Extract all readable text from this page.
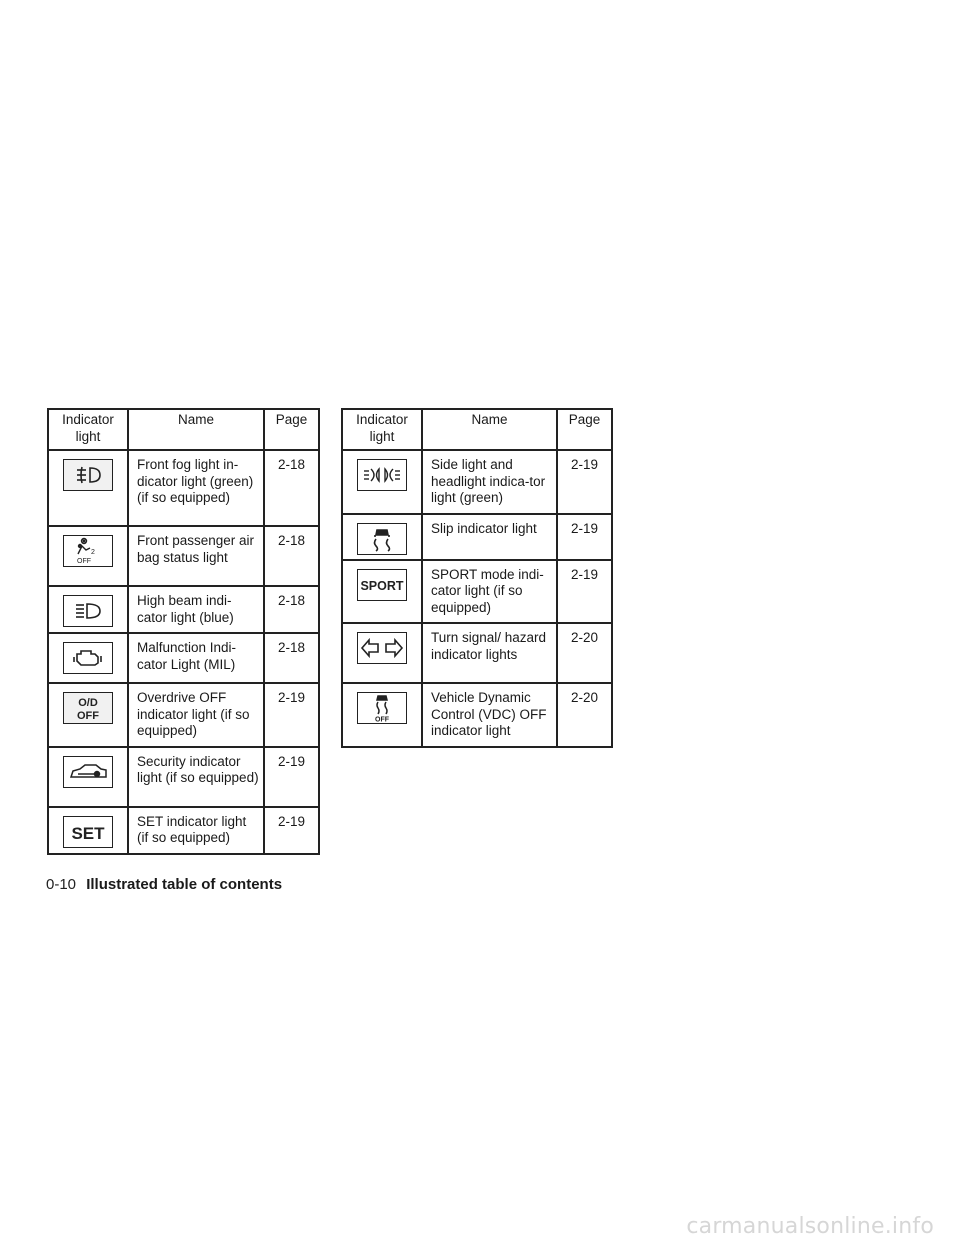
Indicator light	Name	Page

	Front fog light in-dicator light (green) (if so equipped)	2-18

2
OFF	Front passenger air bag status light	2-18

	High beam indi-cator light (blue)	2-18

	Malfunction Indi-cator Light (MIL)	2-18

O/D
OFF	Overdrive OFF indicator light (if so equipped)	2-19

	Security indicator light (if so equipped)	2-19

SET	SET indicator light (if so equipped)	2-19
Indicator light	Name	Page

	Side light and headlight indica-tor light (green)	2-19

	Slip indicator light	2-19

SPORT	SPORT mode indi-cator light (if so equipped)	2-19

	Turn signal/ hazard indicator lights	2-20

OFF	Vehicle Dynamic Control (VDC) OFF indicator light	2-20
0-10 Illustrated table of contents
carmanualsonline.info
